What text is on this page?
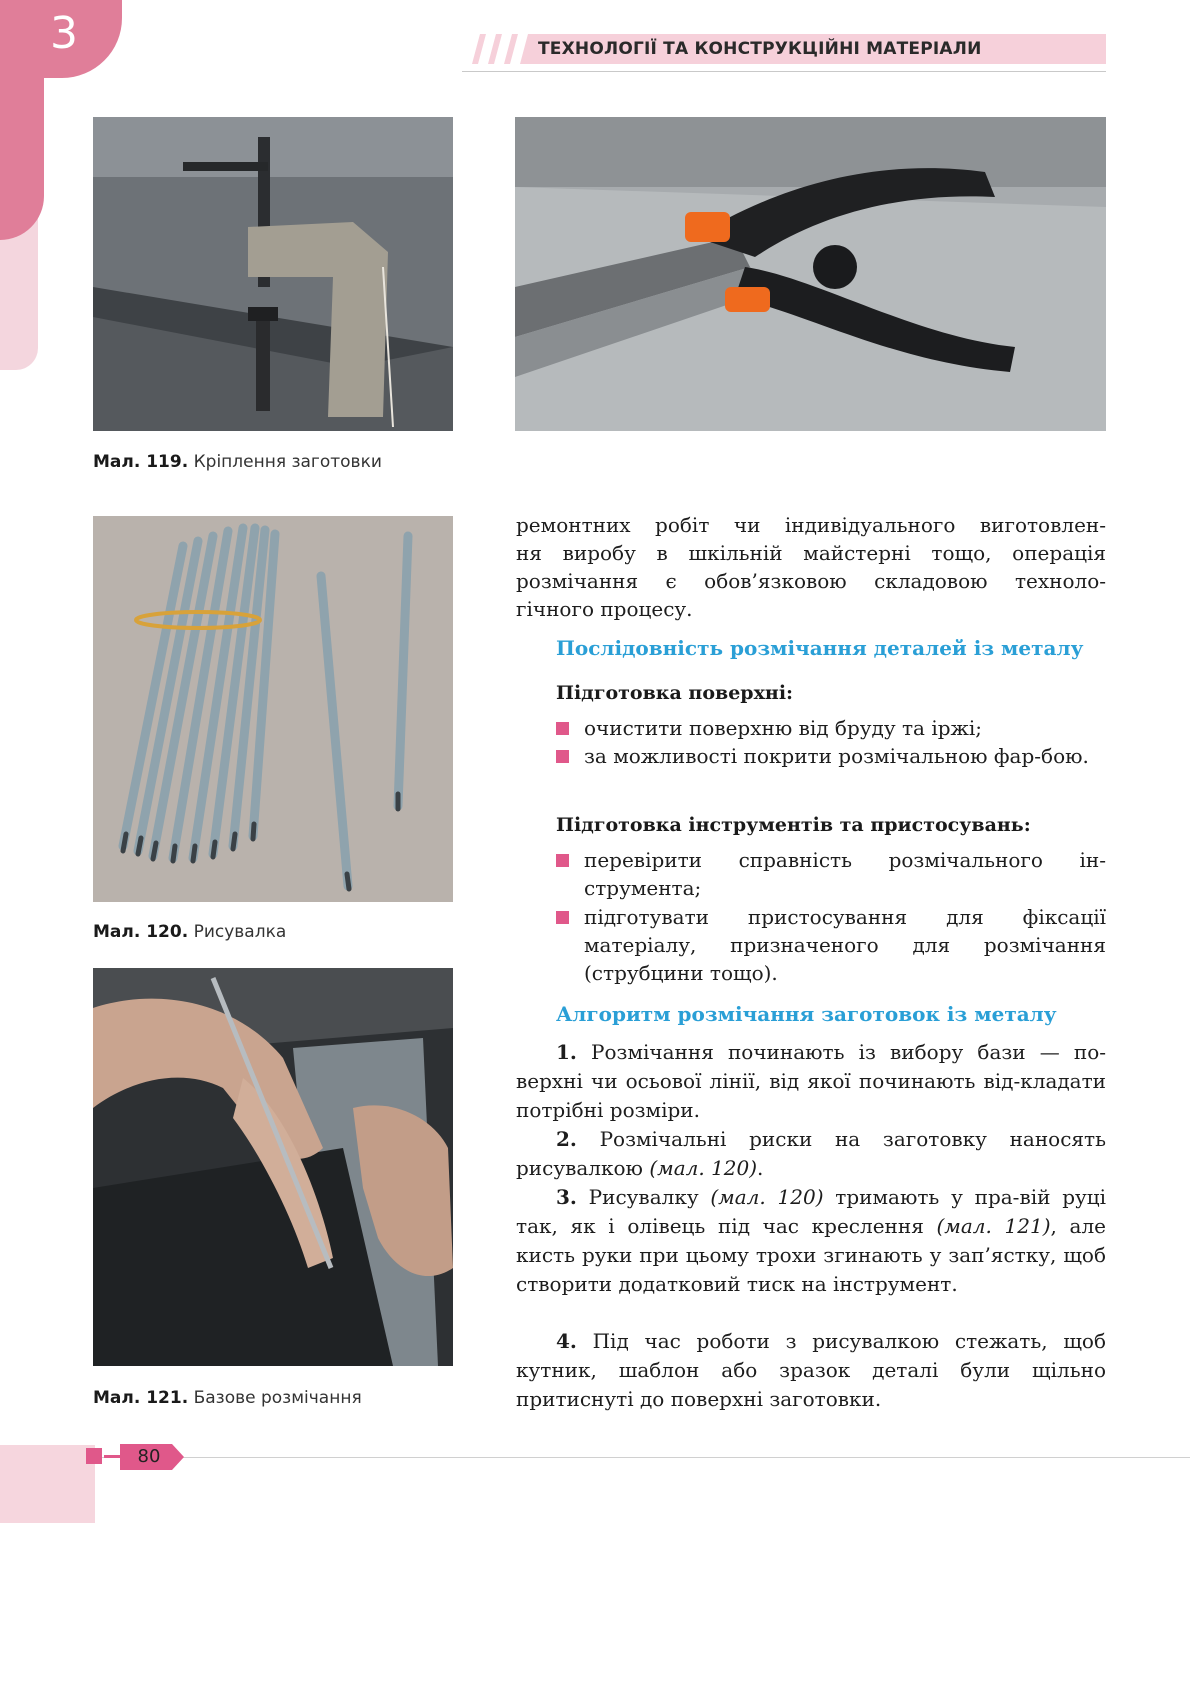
3	ТЕХНОЛОГІЇ ТА КОНСТРУКЦІЙНІ МАТЕРІАЛИ
Мал. 119. Кріплення заготовки
Мал. 120. Рисувалка
Мал. 121. Базове розмічання

ремонтних робіт чи індивідуального виготовлен-

ня виробу в шкільній майстерні тощо, операція

розмічання є обов’язковою складовою техноло-

гічного процесу.

Послідовність розмічання деталей із металу
Підготовка поверхні:
очистити поверхню від бруду та іржі;
за можливості покрити розмічальною фар-бою.
Підготовка інструментів та пристосувань:
перевірити справність розмічального ін-струмента;
підготувати пристосування для фіксації матеріалу, призначеного для розмічання (струбцини тощо).
Алгоритм розмічання заготовок із металу

1. Розмічання починають із вибору бази — по-верхні чи осьової лінії, від якої починають від-кладати потрібні розміри.

2. Розмічальні риски на заготовку наносять рисувалкою (мал. 120).

3. Рисувалку (мал. 120) тримають у пра-вій руці так, як і олівець під час креслення (мал. 121), але кисть руки при цьому трохи згинають у зап’ястку, щоб створити додатковий тиск на інструмент.

4. Під час роботи з рисувалкою стежать, щоб кутник, шаблон або зразок деталі були щільно притиснуті до поверхні заготовки.

80
